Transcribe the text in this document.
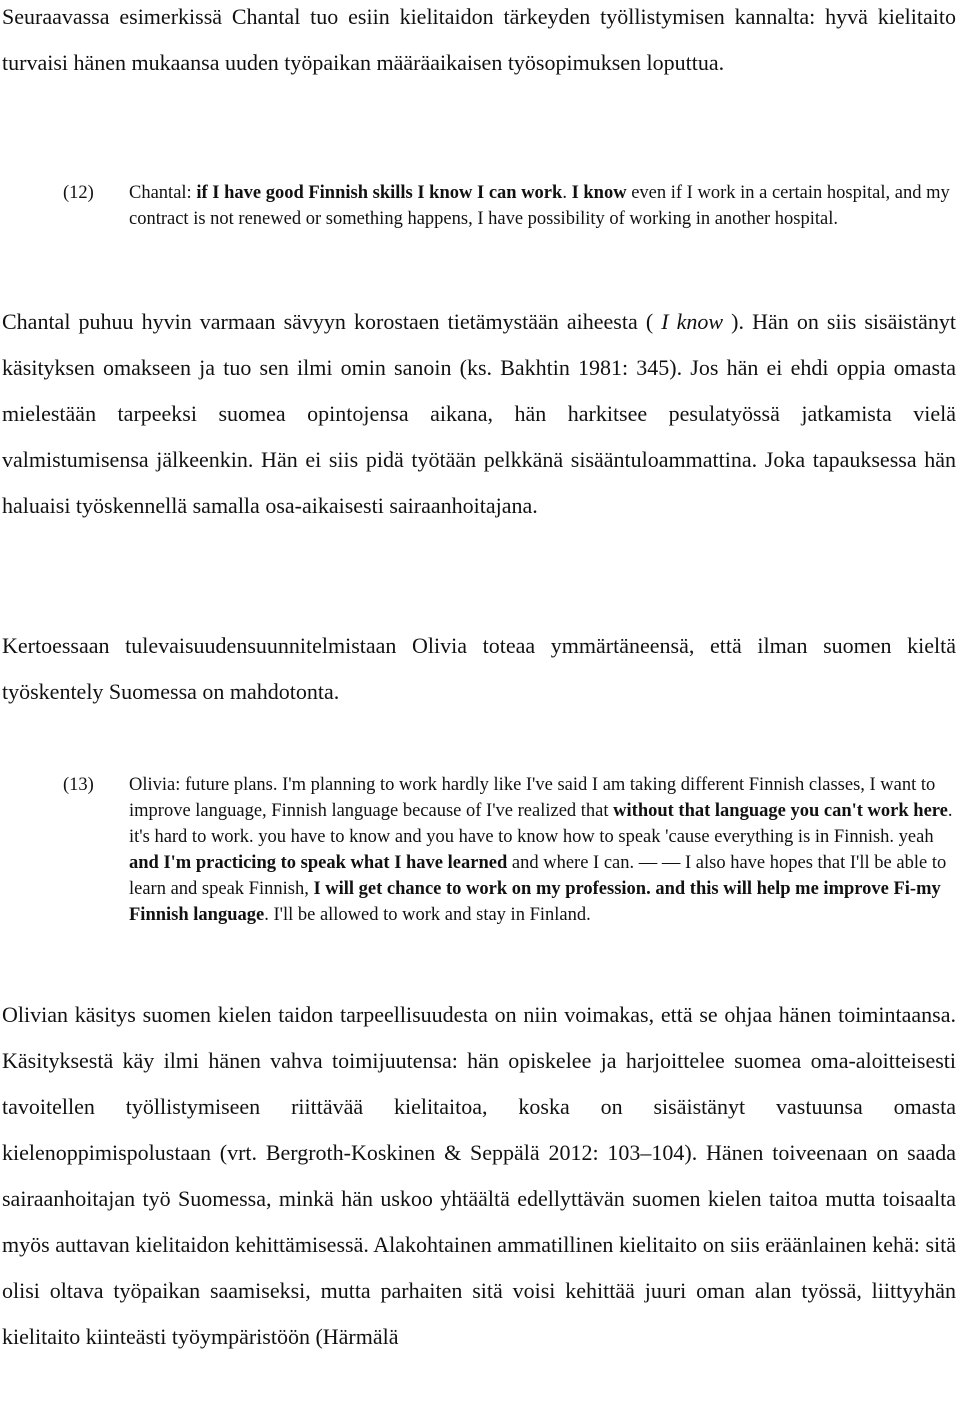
Seuraavassa esimerkissä Chantal tuo esiin kielitaidon tärkeyden työllistymisen kannalta: hyvä kielitaito turvaisi hänen mukaansa uuden työpaikan määräaikaisen työsopimuksen loputtua.

(12) Chantal: if I have good Finnish skills I know I can work. I know even if I work in a certain hospital, and my contract is not renewed or something happens, I have possibility of working in another hospital.

Chantal puhuu hyvin varmaan sävyyn korostaen tietämystään aiheesta ( I know ). Hän on siis sisäistänyt käsityksen omakseen ja tuo sen ilmi omin sanoin (ks. Bakhtin 1981: 345). Jos hän ei ehdi oppia omasta mielestään tarpeeksi suomea opintojensa aikana, hän harkitsee pesulatyössä jatkamista vielä valmistumisensa jälkeenkin. Hän ei siis pidä työtään pelkkänä sisääntuloammattina. Joka tapauksessa hän haluaisi työskennellä samalla osa-aikaisesti sairaanhoitajana.

Kertoessaan tulevaisuudensuunnitelmistaan Olivia toteaa ymmärtäneensä, että ilman suomen kieltä työskentely Suomessa on mahdotonta.

(13) Olivia: future plans. I'm planning to work hardly like I've said I am taking different Finnish classes, I want to improve language, Finnish language because of I've realized that without that language you can't work here. it's hard to work. you have to know and you have to know how to speak 'cause everything is in Finnish. yeah and I'm practicing to speak what I have learned and where I can. — — I also have hopes that I'll be able to learn and speak Finnish, I will get chance to work on my profession. and this will help me improve Fi-my Finnish language. I'll be allowed to work and stay in Finland.

Olivian käsitys suomen kielen taidon tarpeellisuudesta on niin voimakas, että se ohjaa hänen toimintaansa. Käsityksestä käy ilmi hänen vahva toimijuutensa: hän opiskelee ja harjoittelee suomea oma-aloitteisesti tavoitellen työllistymiseen riittävää kielitaitoa, koska on sisäistänyt vastuunsa omasta kielenoppimispolustaan (vrt. Bergroth-Koskinen & Seppälä 2012: 103–104). Hänen toiveenaan on saada sairaanhoitajan työ Suomessa, minkä hän uskoo yhtäältä edellyttävän suomen kielen taitoa mutta toisaalta myös auttavan kielitaidon kehittämisessä. Alakohtainen ammatillinen kielitaito on siis eräänlainen kehä: sitä olisi oltava työpaikan saamiseksi, mutta parhaiten sitä voisi kehittää juuri oman alan työssä, liittyyhän kielitaito kiinteästi työympäristöön (Härmälä
